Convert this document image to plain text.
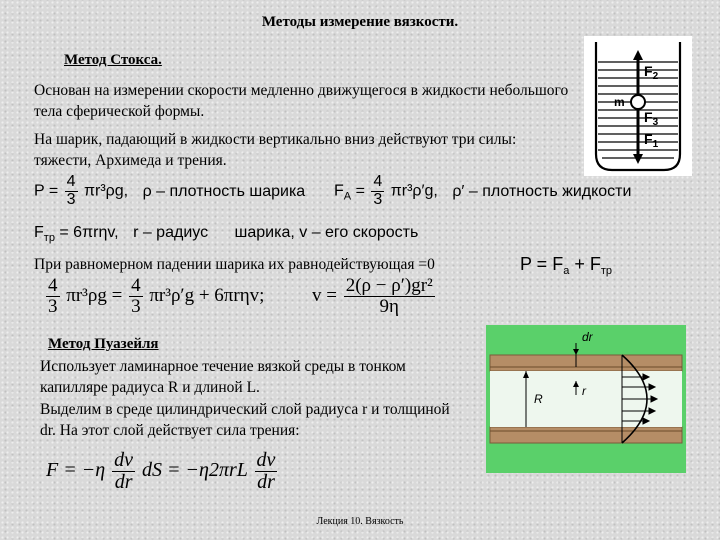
Методы измерение вязкости.
Метод Стокса.
Основан на измерении скорости медленно движущегося в жидкости небольшого тела сферической формы.
На шарик, падающий в жидкости вертикально вниз действуют три силы: тяжести, Архимеда и трения.
$P = \frac{4}{3} \pi r^3\rho g$, ρ – плотность шарика $F_A = \frac{4}{3} \pi r^3\rho'g$, ρ′ – плотность жидкости
$F_{тр} = 6\pi r\eta v$, r – радиус шарика, v – его скорость
При равномерном падении шарика их равнодействующая =0	$P = F_a + F_{тр}$
$\frac{4}{3} \pi r^3\rho g = \frac{4}{3} \pi r^3\rho'g + 6\pi r\eta v$;	$v = \frac{\text{2(ρ − ρ′)gr²}}{9\eta}$
Метод Пуазейля
Использует ламинарное течение вязкой среды в тонком капилляре радиуса R и длиной L.
Выделим в среде цилиндрический слой радиуса r и толщиной dr. На этот слой действует сила трения:
$F = -\eta \frac{dv}{dr}$ dS = $-\eta 2\pi rL \frac{dv}{dr}$
$F_2$
m
$F_3$
$F_1$
dr
R
r
Лекция 10. Вязкость
